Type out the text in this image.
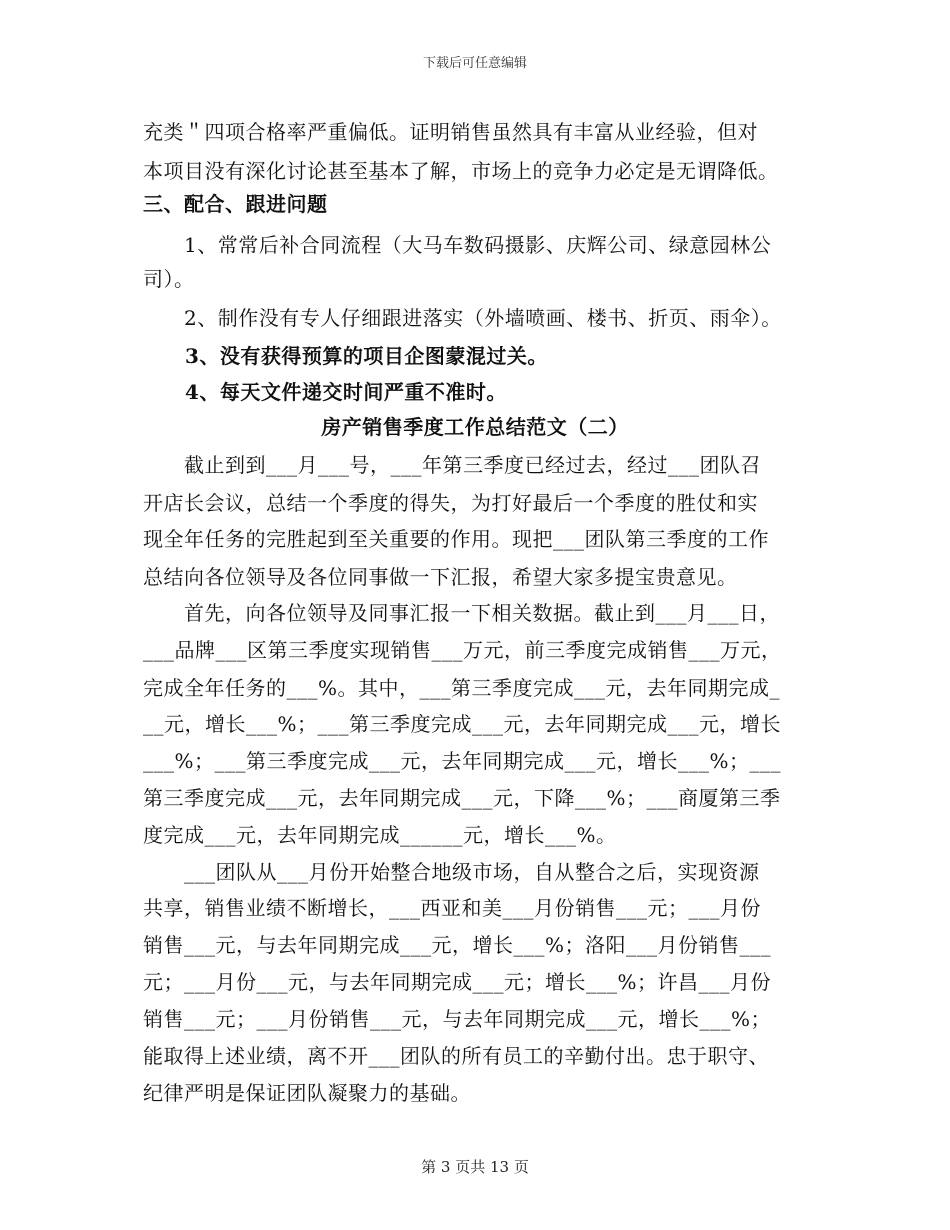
下载后可任意编辑
充类＂四项合格率严重偏低。证明销售虽然具有丰富从业经验，但对
本项目没有深化讨论甚至基本了解，市场上的竞争力必定是无谓降低。
三、配合、跟进问题
　　1、常常后补合同流程（大马车数码摄影、庆辉公司、绿意园林公
司）。
　　2、制作没有专人仔细跟进落实（外墙喷画、楼书、折页、雨伞）。
3、没有获得预算的项目企图蒙混过关。
4、每天文件递交时间严重不准时。
房产销售季度工作总结范文（二）
　　截止到到___月___号，___年第三季度已经过去，经过___团队召
开店长会议，总结一个季度的得失，为打好最后一个季度的胜仗和实
现全年任务的完胜起到至关重要的作用。现把___团队第三季度的工作
总结向各位领导及各位同事做一下汇报，希望大家多提宝贵意见。
　　首先，向各位领导及同事汇报一下相关数据。截止到___月___日，
___品牌___区第三季度实现销售___万元，前三季度完成销售___万元，
完成全年任务的___%。其中，___第三季度完成___元，去年同期完成_
__元，增长___%；___第三季度完成___元，去年同期完成___元，增长
___%；___第三季度完成___元，去年同期完成___元，增长___%；___
第三季度完成___元，去年同期完成___元，下降___%；___商厦第三季
度完成___元，去年同期完成______元，增长___%。
　　___团队从___月份开始整合地级市场，自从整合之后，实现资源
共享，销售业绩不断增长，___西亚和美___月份销售___元；___月份
销售___元，与去年同期完成___元，增长___%；洛阳___月份销售___
元；___月份___元，与去年同期完成___元；增长___%；许昌___月份
销售___元；___月份销售___元，与去年同期完成___元，增长___%；
能取得上述业绩，离不开___团队的所有员工的辛勤付出。忠于职守、
纪律严明是保证团队凝聚力的基础。
第 3 页共 13 页
